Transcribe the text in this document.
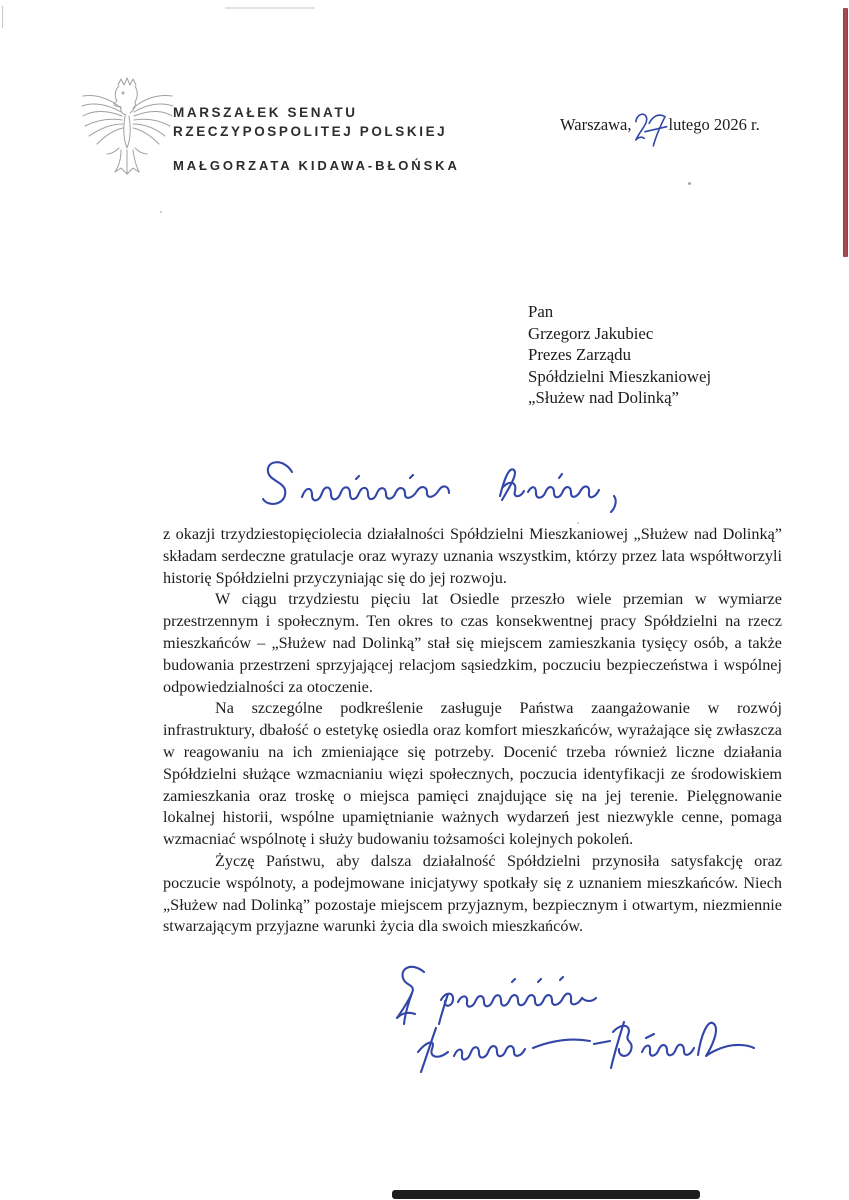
MARSZAŁEK SENATU
RZECZYPOSPOLITEJ POLSKIEJ
MAŁGORZATA KIDAWA-BŁOŃSKA
Warszawa, lutego 2026 r.
Pan
Grzegorz Jakubiec
Prezes Zarządu
Spółdzielni Mieszkaniowej
„Służew nad Dolinką”

z okazji trzydziestopięciolecia działalności Spółdzielni Mieszkaniowej „Służew nad Dolinką” składam serdeczne gratulacje oraz wyrazy uznania wszystkim, którzy przez lata współtworzyli historię Spółdzielni przyczyniając się do jej rozwoju.

W ciągu trzydziestu pięciu lat Osiedle przeszło wiele przemian w wymiarze przestrzennym i społecznym. Ten okres to czas konsekwentnej pracy Spółdzielni na rzecz mieszkańców – „Służew nad Dolinką” stał się miejscem zamieszkania tysięcy osób, a także budowania przestrzeni sprzyjającej relacjom sąsiedzkim, poczuciu bezpieczeństwa i wspólnej odpowiedzialności za otoczenie.

Na szczególne podkreślenie zasługuje Państwa zaangażowanie w rozwój infrastruktury, dbałość o estetykę osiedla oraz komfort mieszkańców, wyrażające się zwłaszcza w reagowaniu na ich zmieniające się potrzeby. Docenić trzeba również liczne działania Spółdzielni służące wzmacnianiu więzi społecznych, poczucia identyfikacji ze środowiskiem zamieszkania oraz troskę o miejsca pamięci znajdujące się na jej terenie. Pielęgnowanie lokalnej historii, wspólne upamiętnianie ważnych wydarzeń jest niezwykle cenne, pomaga wzmacniać wspólnotę i służy budowaniu tożsamości kolejnych pokoleń.

Życzę Państwu, aby dalsza działalność Spółdzielni przynosiła satysfakcję oraz poczucie wspólnoty, a podejmowane inicjatywy spotkały się z uznaniem mieszkańców. Niech „Służew nad Dolinką” pozostaje miejscem przyjaznym, bezpiecznym i otwartym, niezmiennie stwarzającym przyjazne warunki życia dla swoich mieszkańców.
